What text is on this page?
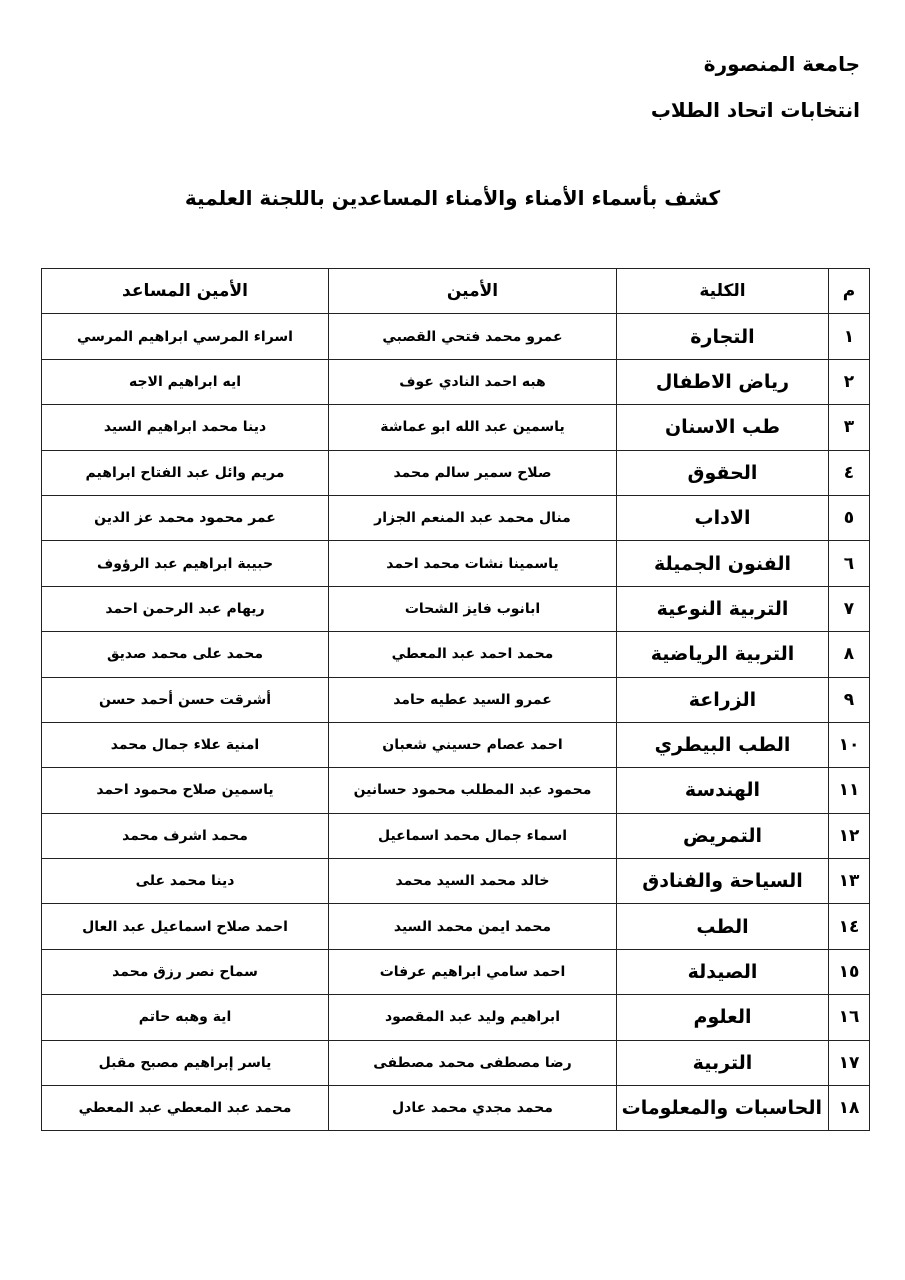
جامعة المنصورة
انتخابات اتحاد الطلاب
كشف بأسماء الأمناء والأمناء المساعدين باللجنة العلمية
م	الكلية	الأمين	الأمين المساعد
١	التجارة	عمرو محمد فتحي القصبي	اسراء المرسي ابراهيم المرسي
٢	رياض الاطفال	هبه احمد النادي عوف	ايه ابراهيم الاجه
٣	طب الاسنان	ياسمين عبد الله ابو عماشة	دينا محمد ابراهيم السيد
٤	الحقوق	صلاح سمير سالم محمد	مريم وائل عبد الفتاح ابراهيم
٥	الاداب	منال محمد عبد المنعم الجزار	عمر محمود محمد عز الدين
٦	الفنون الجميلة	ياسمينا نشات محمد احمد	حبيبة ابراهيم عبد الرؤوف
٧	التربية النوعية	ابانوب فايز الشحات	ريهام عبد الرحمن احمد
٨	التربية الرياضية	محمد احمد عبد المعطي	محمد على محمد صديق
٩	الزراعة	عمرو السيد عطيه حامد	أشرقت حسن أحمد حسن
١٠	الطب البيطري	احمد عصام حسيني شعبان	امنية علاء جمال محمد
١١	الهندسة	محمود عبد المطلب محمود حسانين	ياسمين صلاح محمود احمد
١٢	التمريض	اسماء جمال محمد اسماعيل	محمد اشرف محمد
١٣	السياحة والفنادق	خالد محمد السيد محمد	دينا محمد على
١٤	الطب	محمد ايمن محمد السيد	احمد صلاح اسماعيل عبد العال
١٥	الصيدلة	احمد سامي ابراهيم عرفات	سماح نصر رزق محمد
١٦	العلوم	ابراهيم وليد عبد المقصود	اية وهبه حاتم
١٧	التربية	رضا مصطفى محمد مصطفى	ياسر إبراهيم مصبح مقبل
١٨	الحاسبات والمعلومات	محمد مجدي محمد عادل	محمد عبد المعطي عبد المعطي
